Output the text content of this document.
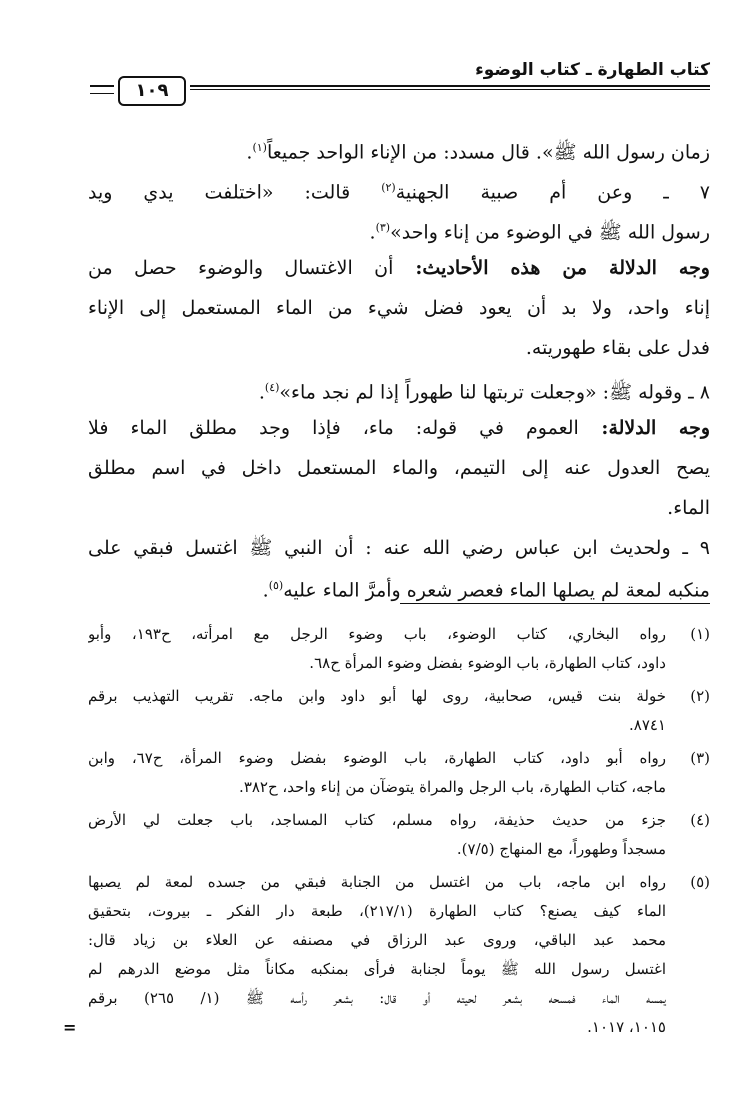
كتاب الطهارة ـ كتاب الوضوء
١٠٩
زمان رسول الله ﷺ». قال مسدد: من الإناء الواحد جميعاً$^{(١)}$.
٧ ـ وعن أم صبية الجهنية$^{(٢)}$ قالت: «اختلفت يدي ويد
رسول الله ﷺ في الوضوء من إناء واحد»$^{(٣)}$.
وجه الدلالة من هذه الأحاديث: أن الاغتسال والوضوء حصل من
إناء واحد، ولا بد أن يعود فضل شيء من الماء المستعمل إلى الإناء
فدل على بقاء طهوريته.
٨ ـ وقوله ﷺ: «وجعلت تربتها لنا طهوراً إذا لم نجد ماء»$^{(٤)}$.
وجه الدلالة: العموم في قوله: ماء، فإذا وجد مطلق الماء فلا
يصح العدول عنه إلى التيمم، والماء المستعمل داخل في اسم مطلق
الماء.
٩ ـ ولحديث ابن عباس رضي الله عنه : أن النبي ﷺ اغتسل فبقي على
منكبه لمعة لم يصلها الماء فعصر شعره وأمرَّ الماء عليه$^{(٥)}$.
(١)
رواه البخاري، كتاب الوضوء، باب وضوء الرجل مع امرأته، ح١٩٣، وأبو
داود، كتاب الطهارة، باب الوضوء بفضل وضوء المرأة ح٦٨.
(٢)
خولة بنت قيس، صحابية، روى لها أبو داود وابن ماجه. تقريب التهذيب برقم
٨٧٤١.
(٣)
رواه أبو داود، كتاب الطهارة، باب الوضوء بفضل وضوء المرأة، ح٦٧، وابن
ماجه، كتاب الطهارة، باب الرجل والمراة يتوضآن من إناء واحد، ح٣٨٢.
(٤)
جزء من حديث حذيفة، رواه مسلم، كتاب المساجد، باب جعلت لي الأرض
مسجداً وطهوراً، مع المنهاج (٧/٥).
(٥)
رواه ابن ماجه، باب من اغتسل من الجنابة فبقي من جسده لمعة لم يصبها
الماء كيف يصنع؟ كتاب الطهارة (٢١٧/١)، طبعة دار الفكر ـ بيروت، بتحقيق
محمد عبد الباقي، وروى عبد الرزاق في مصنفه عن العلاء بن زياد قال:
اغتسل رسول الله ﷺ يوماً لجنابة فرأى بمنكبه مكاناً مثل موضع الدرهم لم
يمسه الماء فمسحه بشعر لحيته أو قال: بشعر رأسه ﷺ (١/ ٢٦٥) برقم
١٠١٥، ١٠١٧.
=
